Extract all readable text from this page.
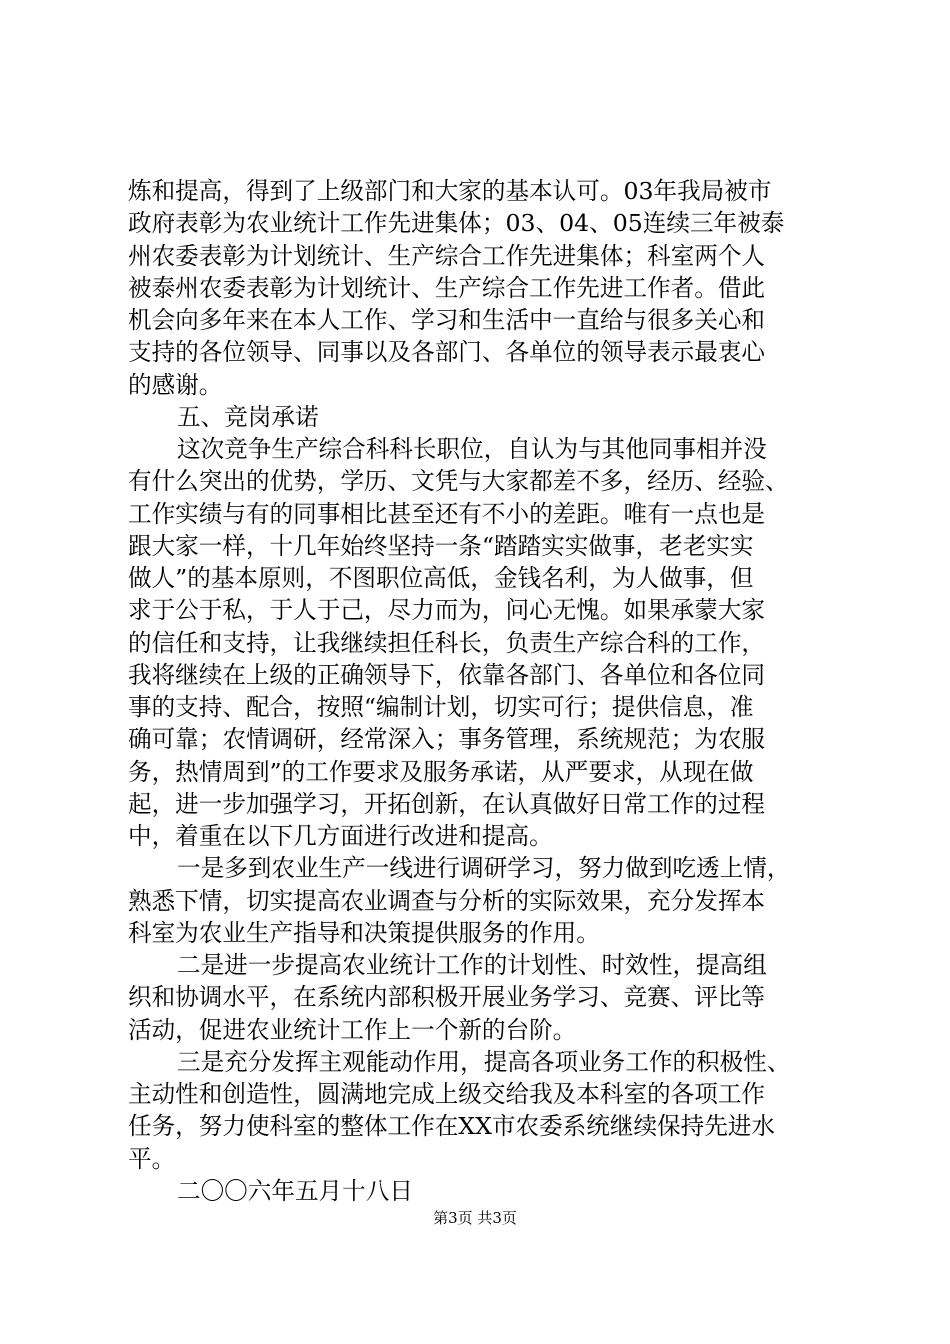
炼和提高，得到了上级部门和大家的基本认可。03年我局被市
政府表彰为农业统计工作先进集体；03、04、05连续三年被泰
州农委表彰为计划统计、生产综合工作先进集体；科室两个人
被泰州农委表彰为计划统计、生产综合工作先进工作者。借此
机会向多年来在本人工作、学习和生活中一直给与很多关心和
支持的各位领导、同事以及各部门、各单位的领导表示最衷心
的感谢。
五、竞岗承诺
这次竞争生产综合科科长职位，自认为与其他同事相并没
有什么突出的优势，学历、文凭与大家都差不多，经历、经验、
工作实绩与有的同事相比甚至还有不小的差距。唯有一点也是
跟大家一样，十几年始终坚持一条“踏踏实实做事，老老实实
做人”的基本原则，不图职位高低，金钱名利，为人做事，但
求于公于私，于人于己，尽力而为，问心无愧。如果承蒙大家
的信任和支持，让我继续担任科长，负责生产综合科的工作，
我将继续在上级的正确领导下，依靠各部门、各单位和各位同
事的支持、配合，按照“编制计划，切实可行；提供信息，准
确可靠；农情调研，经常深入；事务管理，系统规范；为农服
务，热情周到”的工作要求及服务承诺，从严要求，从现在做
起，进一步加强学习，开拓创新，在认真做好日常工作的过程
中，着重在以下几方面进行改进和提高。
一是多到农业生产一线进行调研学习，努力做到吃透上情，
熟悉下情，切实提高农业调查与分析的实际效果，充分发挥本
科室为农业生产指导和决策提供服务的作用。
二是进一步提高农业统计工作的计划性、时效性，提高组
织和协调水平，在系统内部积极开展业务学习、竞赛、评比等
活动，促进农业统计工作上一个新的台阶。
三是充分发挥主观能动作用，提高各项业务工作的积极性、
主动性和创造性，圆满地完成上级交给我及本科室的各项工作
任务，努力使科室的整体工作在XX市农委系统继续保持先进水
平。
二〇〇六年五月十八日
第3页 共3页
